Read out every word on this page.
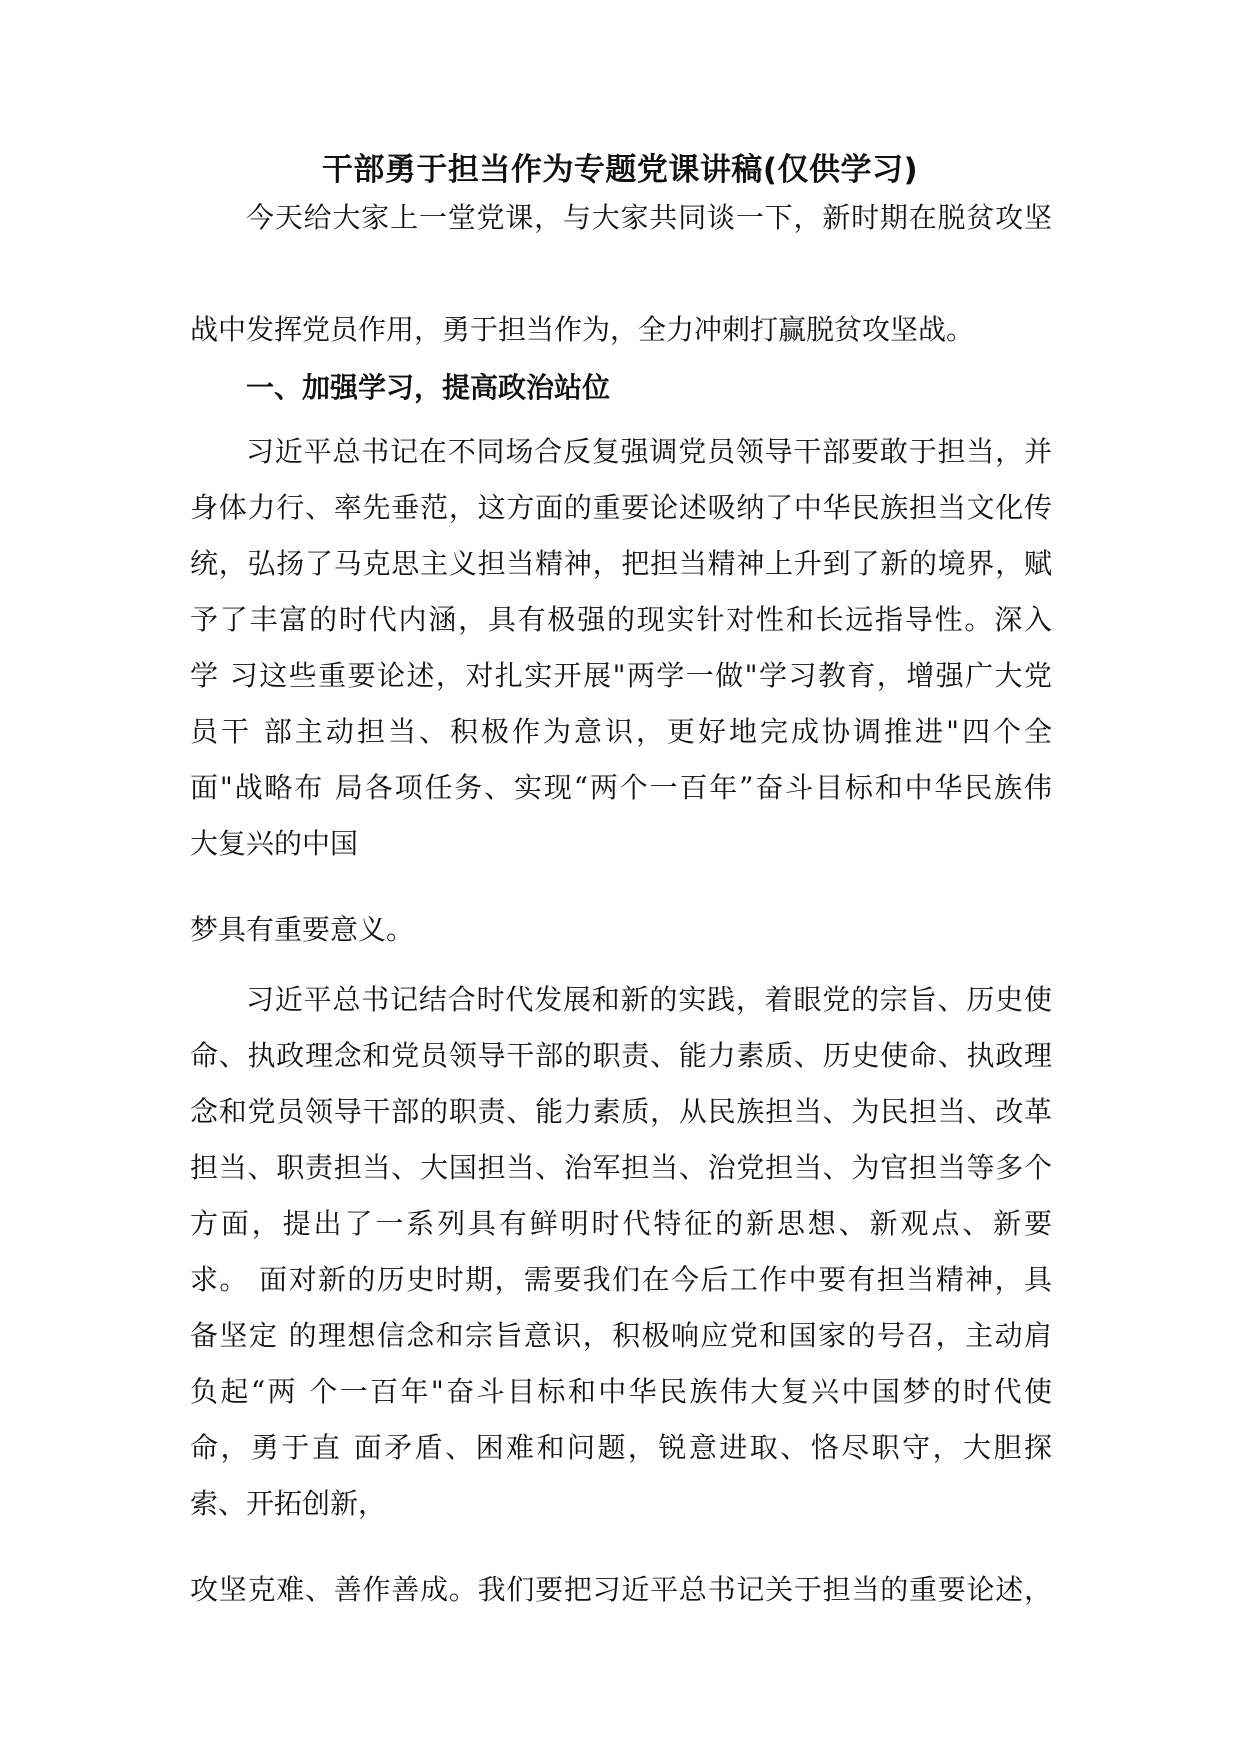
干部勇于担当作为专题党课讲稿(仅供学习)
今天给大家上一堂党课，与大家共同谈一下，新时期在脱贫攻坚
战中发挥党员作用，勇于担当作为，全力冲刺打赢脱贫攻坚战。
一、加强学习，提高政治站位
习近平总书记在不同场合反复强调党员领导干部要敢于担当，并
身体力行、率先垂范，这方面的重要论述吸纳了中华民族担当文化传
统，弘扬了马克思主义担当精神，把担当精神上升到了新的境界，赋
予了丰富的时代内涵，具有极强的现实针对性和长远指导性。深入
学 习这些重要论述，对扎实开展"两学一做"学习教育，增强广大党
员干 部主动担当、积极作为意识，更好地完成协调推进"四个全
面"战略布 局各项任务、实现“两个一百年”奋斗目标和中华民族伟
大复兴的中国
梦具有重要意义。
习近平总书记结合时代发展和新的实践，着眼党的宗旨、历史使
命、执政理念和党员领导干部的职责、能力素质、历史使命、执政理
念和党员领导干部的职责、能力素质，从民族担当、为民担当、改革
担当、职责担当、大国担当、治军担当、治党担当、为官担当等多个
方面，提出了一系列具有鲜明时代特征的新思想、新观点、新要
求。 面对新的历史时期，需要我们在今后工作中要有担当精神，具
备坚定 的理想信念和宗旨意识，积极响应党和国家的号召，主动肩
负起“两 个一百年"奋斗目标和中华民族伟大复兴中国梦的时代使
命，勇于直 面矛盾、困难和问题，锐意进取、恪尽职守，大胆探
索、开拓创新，
攻坚克难、善作善成。我们要把习近平总书记关于担当的重要论述，
